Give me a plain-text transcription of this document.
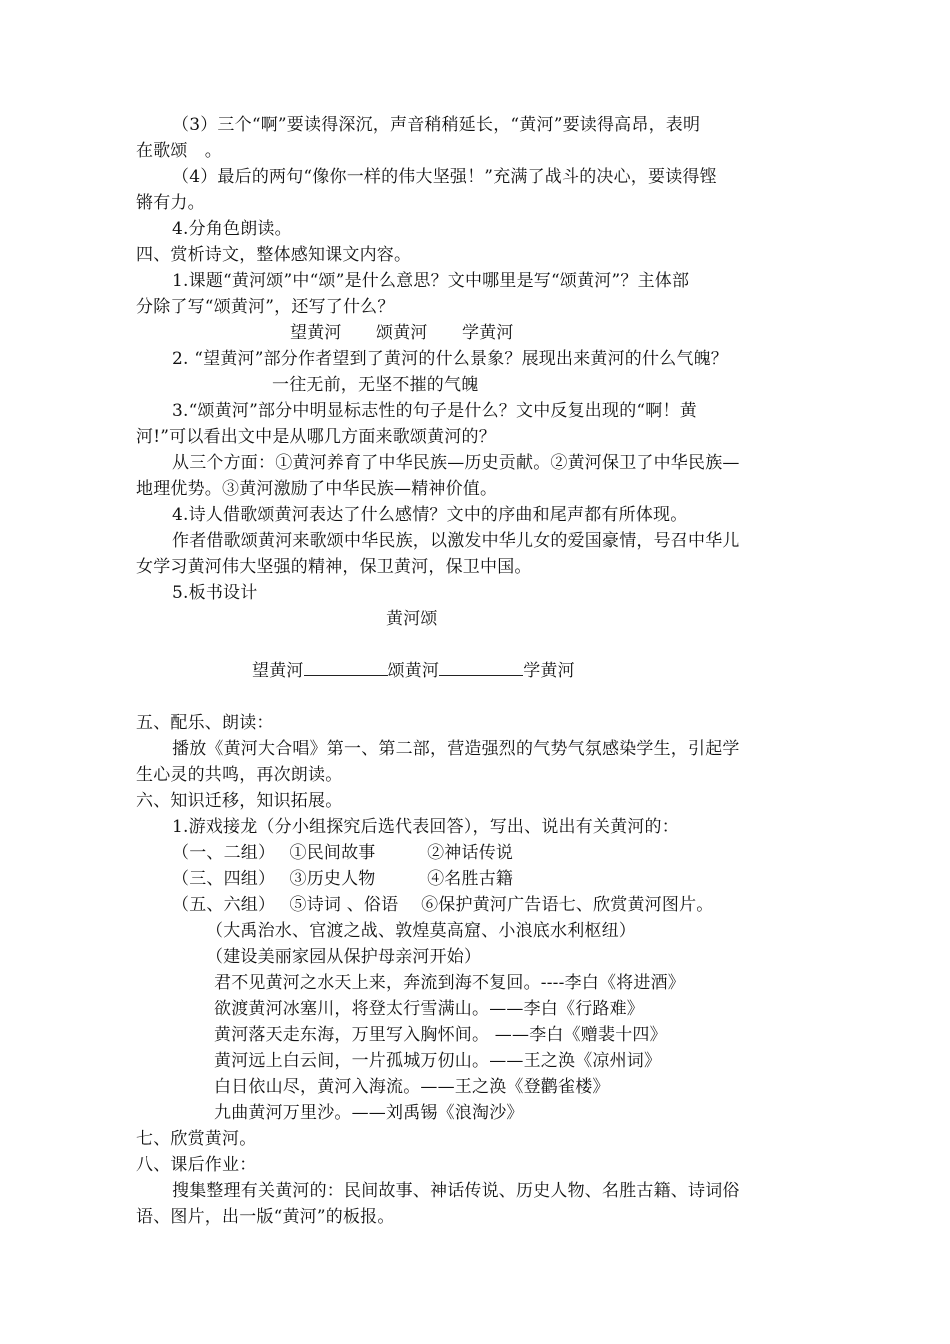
（3）三个“啊”要读得深沉，声音稍稍延长，“黄河”要读得高昂，表明

在歌颂　。

（4）最后的两句“像你一样的伟大坚强！”充满了战斗的决心，要读得铿

锵有力。

4.分角色朗读。

四、赏析诗文，整体感知课文内容。

1.课题“黄河颂”中“颂”是什么意思？文中哪里是写“颂黄河”？主体部

分除了写“颂黄河”，还写了什么？

望黄河　　颂黄河　　学黄河

2. “望黄河”部分作者望到了黄河的什么景象？展现出来黄河的什么气魄？

一往无前，无坚不摧的气魄

3.“颂黄河”部分中明显标志性的句子是什么？文中反复出现的“啊！黄

河!”可以看出文中是从哪几方面来歌颂黄河的？

从三个方面：①黄河养育了中华民族—历史贡献。②黄河保卫了中华民族—

地理优势。③黄河激励了中华民族—精神价值。

4.诗人借歌颂黄河表达了什么感情？文中的序曲和尾声都有所体现。

作者借歌颂黄河来歌颂中华民族，以激发中华儿女的爱国豪情，号召中华儿

女学习黄河伟大坚强的精神，保卫黄河，保卫中国。

5.板书设计

黄河颂

望黄河	颂黄河	学黄河

五、配乐、朗读：

播放《黄河大合唱》第一、第二部，营造强烈的气势气氛感染学生，引起学

生心灵的共鸣，再次朗读。

六、知识迁移，知识拓展。

1.游戏接龙（分小组探究后选代表回答），写出、说出有关黄河的：

（一、二组）　 ①民间故事　　　②神话传说

（三、四组）　 ③历史人物　　　④名胜古籍

（五、六组）　 ⑤诗词 、俗语　 ⑥保护黄河广告语七、欣赏黄河图片。

（大禹治水、官渡之战、敦煌莫高窟、小浪底水利枢纽）

（建设美丽家园从保护母亲河开始）

君不见黄河之水天上来，奔流到海不复回。----李白《将进酒》

欲渡黄河冰塞川，将登太行雪满山。——李白《行路难》

黄河落天走东海，万里写入胸怀间。 ——李白《赠裴十四》

黄河远上白云间，一片孤城万仞山。——王之涣《凉州词》

白日依山尽，黄河入海流。——王之涣《登鹳雀楼》

九曲黄河万里沙。——刘禹锡《浪淘沙》

七、欣赏黄河。

八、课后作业：

搜集整理有关黄河的：民间故事、神话传说、历史人物、名胜古籍、诗词俗

语、图片，出一版“黄河”的板报。
